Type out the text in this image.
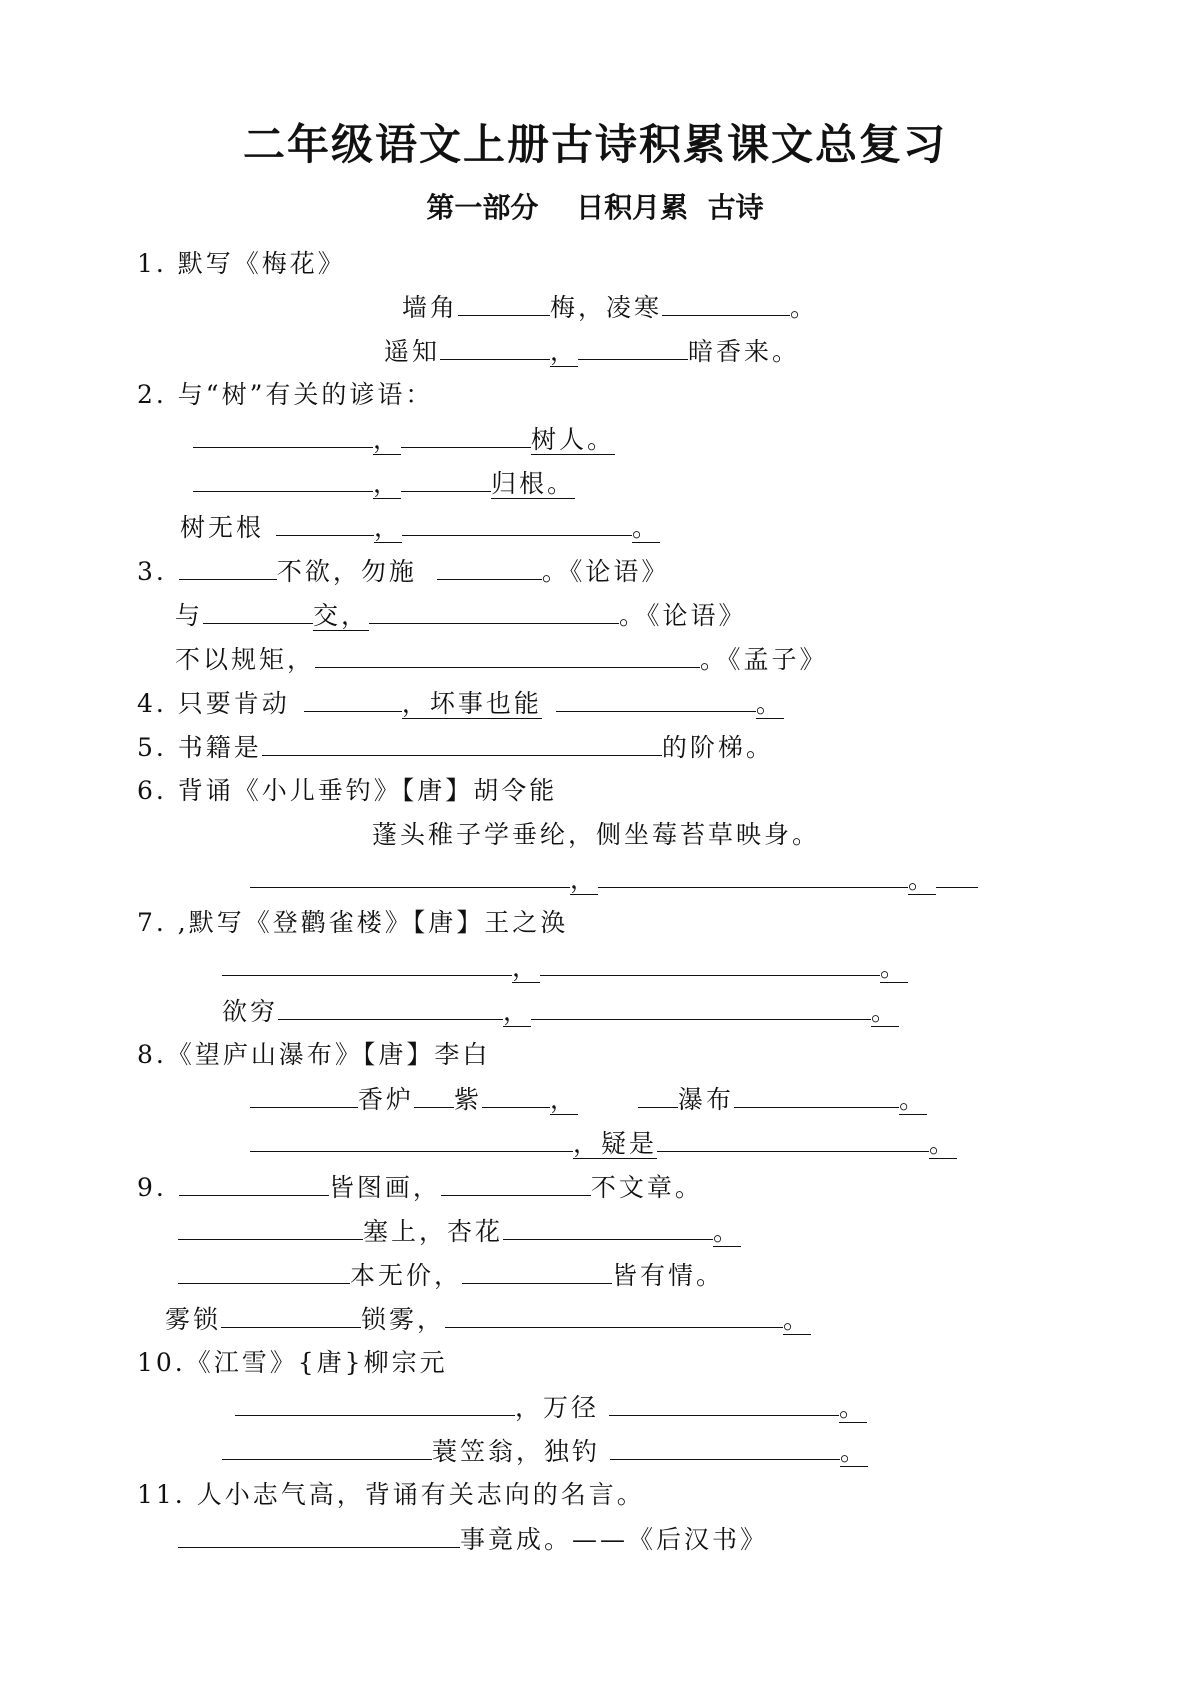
二年级语文上册古诗积累课文总复习
第一部分　 日积月累  古诗
1. 默写《梅花》
墙角	梅，凌寒	。
遥知	，	暗香来。
2. 与“树”有关的谚语：
，	树人。
，	归根。
树无根	，	。
3.	不欲，勿施	。《论语》
与	交，	。《论语》
不以规矩，	。《孟子》
4. 只要肯动	，坏事也能	。
5. 书籍是	的阶梯。
6. 背诵《小儿垂钓》【唐】胡令能
蓬头稚子学垂纶，侧坐莓苔草映身。
，	。
7. ,默写《登鹳雀楼》【唐】王之涣
，	。
欲穷	，	。
8.《望庐山瀑布》【唐】李白
香炉 紫	，	瀑布	。
，疑是	。
9.	皆图画，	不文章。
塞上，杏花	。
本无价，	皆有情。
雾锁	锁雾，	。
10.《江雪》{唐}柳宗元
，万径	。
蓑笠翁，独钓	。
11. 人小志气高，背诵有关志向的名言。
事竟成。——《后汉书》
